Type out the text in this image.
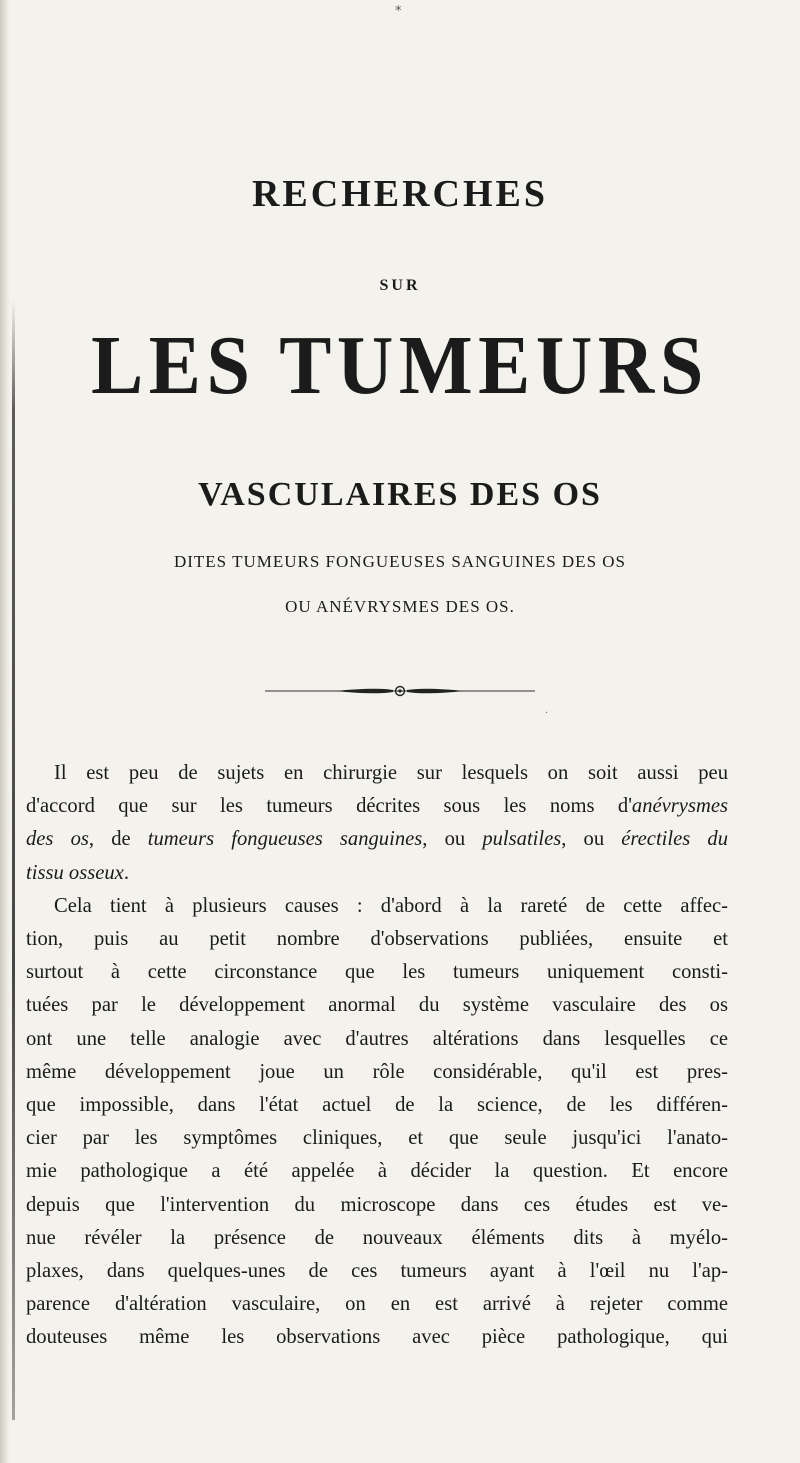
*
RECHERCHES
SUR
LES TUMEURS
VASCULAIRES DES OS
DITES TUMEURS FONGUEUSES SANGUINES DES OS
OU ANÉVRYSMES DES OS.
·
Il est peu de sujets en chirurgie sur lesquels on soit aussi peu
d'accord que sur les tumeurs décrites sous les noms d'anévrysmes
des os, de tumeurs fongueuses sanguines, ou pulsatiles, ou érectiles du
tissu osseux.
Cela tient à plusieurs causes : d'abord à la rareté de cette affec-
tion, puis au petit nombre d'observations publiées, ensuite et
surtout à cette circonstance que les tumeurs uniquement consti-
tuées par le développement anormal du système vasculaire des os
ont une telle analogie avec d'autres altérations dans lesquelles ce
même développement joue un rôle considérable, qu'il est pres-
que impossible, dans l'état actuel de la science, de les différen-
cier par les symptômes cliniques, et que seule jusqu'ici l'anato-
mie pathologique a été appelée à décider la question. Et encore
depuis que l'intervention du microscope dans ces études est ve-
nue révéler la présence de nouveaux éléments dits à myélo-
plaxes, dans quelques-unes de ces tumeurs ayant à l'œil nu l'ap-
parence d'altération vasculaire, on en est arrivé à rejeter comme
douteuses même les observations avec pièce pathologique, qui
